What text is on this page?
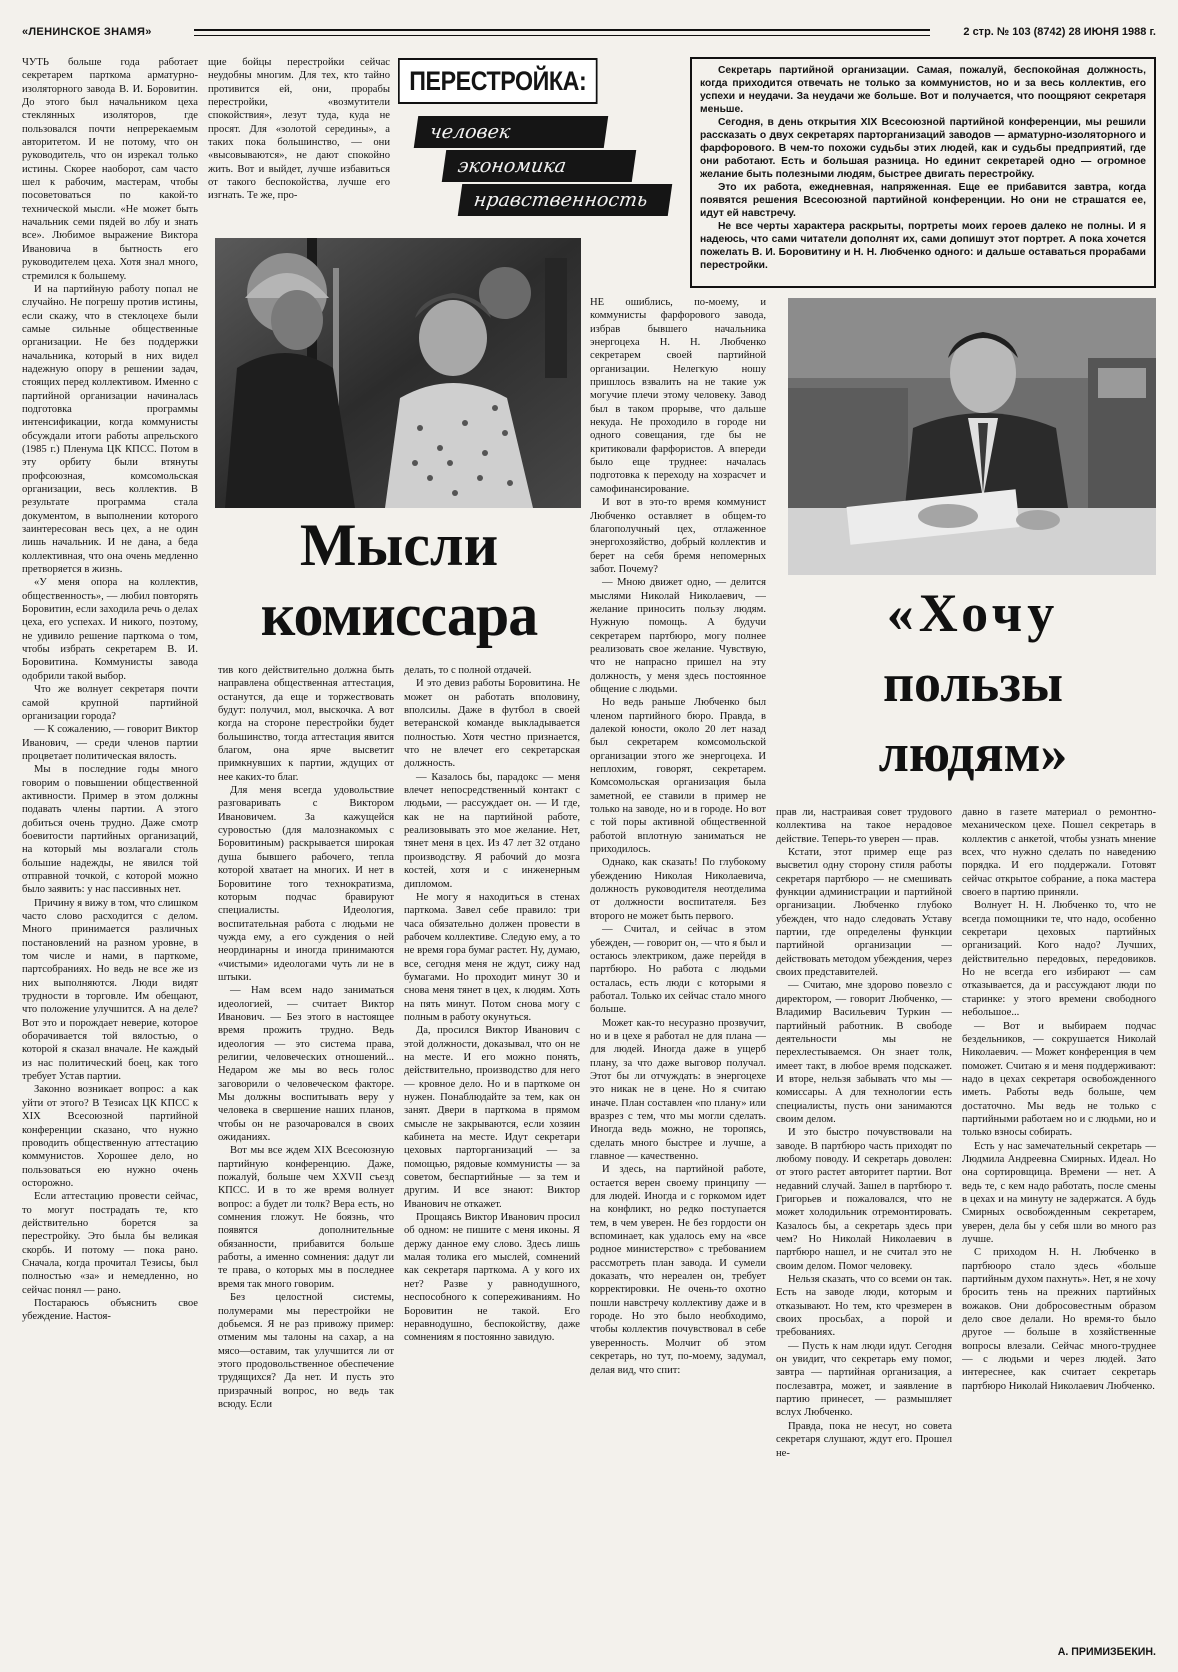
«ЛЕНИНСКОЕ ЗНАМЯ»	2 стр. № 103 (8742) 28 ИЮНЯ 1988 г.

ЧУТЬ больше года работает секретарем парткома арматурно-изоляторного завода В. И. Боровитин. До этого был начальником цеха стеклянных изоляторов, где пользовался почти непререкаемым авторитетом. И не потому, что он руководитель, что он изрекал только истины. Скорее наоборот, сам часто шел к рабочим, мастерам, чтобы посоветоваться по какой-то технической мысли. «Не может быть начальник семи пядей во лбу и знать все». Любимое выражение Виктора Ивановича в бытность его руководителем цеха. Хотя знал много, стремился к большему.

И на партийную работу попал не случайно. Не погрешу против истины, если скажу, что в стеклоцехе были самые сильные общественные организации. Не без поддержки начальника, который в них видел надежную опору в решении задач, стоящих перед коллективом. Именно с партийной организации начиналась подготовка программы интенсификации, когда коммунисты обсуждали итоги работы апрельского (1985 г.) Пленума ЦК КПСС. Потом в эту орбиту были втянуты профсоюзная, комсомольская организации, весь коллектив. В результате программа стала документом, в выполнении которого заинтересован весь цех, а не один лишь начальник. И не дана, а беда коллективная, что она очень медленно претворяется в жизнь.

«У меня опора на коллектив, общественность», — любил повторять Боровитин, если заходила речь о делах цеха, его успехах. И никого, поэтому, не удивило решение парткома о том, чтобы избрать секретарем В. И. Боровитина. Коммунисты завода одобрили такой выбор.

Что же волнует секретаря почти самой крупной партийной организации города?

— К сожалению, — говорит Виктор Иванович, — среди членов партии процветает политическая вялость.

Мы в последние годы много говорим о повышении общественной активности. Пример в этом должны подавать члены партии. А этого добиться очень трудно. Даже смотр боевитости партийных организаций, на который мы возлагали столь большие надежды, не явился той отправной точкой, с которой можно было заявить: у нас пассивных нет.

Причину я вижу в том, что слишком часто слово расходится с делом. Много принимается различных постановлений на разном уровне, в том числе и нами, в парткоме, партсобраниях. Но ведь не все же из них выполняются. Люди видят трудности в торговле. Им обещают, что положение улучшится. А на деле? Вот это и порождает неверие, которое оборачивается той вялостью, о которой я сказал вначале. Не каждый из нас политический боец, как того требует Устав партии.

Законно возникает вопрос: а как уйти от этого? В Тезисах ЦК КПСС к XIX Всесоюзной партийной конференции сказано, что нужно проводить общественную аттестацию коммунистов. Хорошее дело, но пользоваться ею нужно очень осторожно.

Если аттестацию провести сейчас, то могут пострадать те, кто действительно борется за перестройку. Это была бы великая скорбь. И потому — пока рано. Сначала, когда прочитал Тезисы, был полностью «за» и немедленно, но сейчас понял — рано.

Постараюсь объяснить свое убеждение. Настоя-

щие бойцы перестройки сейчас неудобны многим. Для тех, кто тайно противится ей, они, прорабы перестройки, «возмутители спокойствия», лезут туда, куда не просят. Для «золотой середины», а таких пока большинство, — они «высовываются», не дают спокойно жить. Вот и выйдет, лучше избавиться от такого беспокойства, лучше его изгнать. Те же, про-

ПЕРЕСТРОЙКА:
человек
экономика
нравственность

Секретарь партийной организации. Самая, пожалуй, беспокойная должность, когда приходится отвечать не только за коммунистов, но и за весь коллектив, его успехи и неудачи. За неудачи же больше. Вот и получается, что поощряют секретаря меньше.

Сегодня, в день открытия XIX Всесоюзной партийной конференции, мы решили рассказать о двух секретарях парторганизаций заводов — арматурно-изоляторного и фарфорового. В чем-то похожи судьбы этих людей, как и судьбы предприятий, где они работают. Есть и большая разница. Но единит секретарей одно — огромное желание быть полезными людям, быстрее двигать перестройку.

Это их работа, ежедневная, напряженная. Еще ее прибавится завтра, когда появятся решения Всесоюзной партийной конференции. Но они не страшатся ее, идут ей навстречу.

Не все черты характера раскрыты, портреты моих героев далеко не полны. И я надеюсь, что сами читатели дополнят их, сами допишут этот портрет. А пока хочется пожелать В. И. Боровитину и Н. Н. Любченко одного: и дальше оставаться прорабами перестройки.

Мысли
комиссара

тив кого действительно должна быть направлена общественная аттестация, останутся, да еще и торжествовать будут: получил, мол, выскочка. А вот когда на стороне перестройки будет большинство, тогда аттестация явится благом, она ярче высветит примкнувших к партии, ждущих от нее каких-то благ.

Для меня всегда удовольствие разговаривать с Виктором Ивановичем. За кажущейся суровостью (для малознакомых с Боровитиным) раскрывается широкая душа бывшего рабочего, тепла которой хватает на многих. И нет в Боровитине того технократизма, которым подчас бравируют специалисты. Идеология, воспитательная работа с людьми не чужда ему, а его суждения о ней неординарны и иногда принимаются «чистыми» идеологами чуть ли не в штыки.

— Нам всем надо заниматься идеологией, — считает Виктор Иванович. — Без этого в настоящее время прожить трудно. Ведь идеология — это система права, религии, человеческих отношений... Недаром же мы во весь голос заговорили о человеческом факторе. Мы должны воспитывать веру у человека в свершение наших планов, чтобы он не разочаровался в своих ожиданиях.

Вот мы все ждем XIX Всесоюзную партийную конференцию. Даже, пожалуй, больше чем XXVII съезд КПСС. И в то же время волнует вопрос: а будет ли толк? Вера есть, но сомнения гложут. Не боязнь, что появятся дополнительные обязанности, прибавится больше работы, а именно сомнения: дадут ли те права, о которых мы в последнее время так много говорим.

Без целостной системы, полумерами мы перестройки не добьемся. Я не раз привожу пример: отменим мы талоны на сахар, а на мясо—оставим, так улучшится ли от этого продовольственное обеспечение трудящихся? Да нет. И пусть это призрачный вопрос, но ведь так всюду. Если

делать, то с полной отдачей.

И это девиз работы Боровитина. Не может он работать вполовину, вполсилы. Даже в футбол в своей ветеранской команде выкладывается полностью. Хотя честно признается, что не влечет его секретарская должность.

— Казалось бы, парадокс — меня влечет непосредственный контакт с людьми, — рассуждает он. — И где, как не на партийной работе, реализовывать это мое желание. Нет, тянет меня в цех. Из 47 лет 32 отдано производству. Я рабочий до мозга костей, хотя и с инженерным дипломом.

Не могу я находиться в стенах парткома. Завел себе правило: три часа обязательно должен провести в рабочем коллективе. Следую ему, а то не время гора бумаг растет. Ну, думаю, все, сегодня меня не ждут, сижу над бумагами. Но проходит минут 30 и снова меня тянет в цех, к людям. Хоть на пять минут. Потом снова могу с полным в работу окунуться.

Да, просился Виктор Иванович с этой должности, доказывал, что он не на месте. И его можно понять, действительно, производство для него — кровное дело. Но и в парткоме он нужен. Понаблюдайте за тем, как он занят. Двери в парткома в прямом смысле не закрываются, если хозяин кабинета на месте. Идут секретари цеховых парторганизаций — за помощью, рядовые коммунисты — за советом, беспартийные — за тем и другим. И все знают: Виктор Иванович не откажет.

Прощаясь Виктор Иванович просил об одном: не пишите с меня иконы. Я держу данное ему слово. Здесь лишь малая толика его мыслей, сомнений как секретаря парткома. А у кого их нет? Разве у равнодушного, неспособного к сопереживаниям. Но Боровитин не такой. Его неравнодушно, беспокойству, даже сомнениям я постоянно завидую.

НЕ ошиблись, по-моему, и коммунисты фарфорового завода, избрав бывшего начальника энергоцеха Н. Н. Любченко секретарем своей партийной организации. Нелегкую ношу пришлось взвалить на не такие уж могучие плечи этому человеку. Завод был в таком прорыве, что дальше некуда. Не проходило в городе ни одного совещания, где бы не критиковали фарфористов. А впереди было еще труднее: началась подготовка к переходу на хозрасчет и самофинансирование.

И вот в это-то время коммунист Любченко оставляет в общем-то благополучный цех, отлаженное энергохозяйство, добрый коллектив и берет на себя бремя непомерных забот. Почему?

— Мною движет одно, — делится мыслями Николай Николаевич, — желание приносить пользу людям. Нужную помощь. А будучи секретарем партбюро, могу полнее реализовать свое желание. Чувствую, что не напрасно пришел на эту должность, у меня здесь постоянное общение с людьми.

Но ведь раньше Любченко был членом партийного бюро. Правда, в далекой юности, около 20 лет назад был секретарем комсомольской организации этого же энергоцеха. И неплохим, говорят, секретарем. Комсомольская организация была заметной, ее ставили в пример не только на заводе, но и в городе. Но вот с той поры активной общественной работой вплотную заниматься не приходилось.

Однако, как сказать! По глубокому убеждению Николая Николаевича, должность руководителя неотделима от должности воспитателя. Без второго не может быть первого.

— Считал, и сейчас в этом убежден, — говорит он, — что я был и остаюсь электриком, даже перейдя в партбюро. Но работа с людьми осталась, есть люди с которыми я работал. Только их сейчас стало много больше.

Может как-то несуразно прозвучит, но и в цехе я работал не для плана — для людей. Иногда даже в ущерб плану, за что даже выговор получал. Этот бы ли отчуждать: в энергоцехе это никак не в цене. Но я считаю иначе. План составлен «по плану» или вразрез с тем, что мы могли сделать. Иногда ведь можно, не торопясь, сделать много быстрее и лучше, а главное — качественно.

И здесь, на партийной работе, остается верен своему принципу — для людей. Иногда и с горкомом идет на конфликт, но редко поступается тем, в чем уверен. Не без гордости он вспоминает, как удалось ему на «все родное министерство» с требованием рассмотреть план завода. И сумели доказать, что нереален он, требует корректировки. Не очень-то охотно пошли навстречу коллективу даже и в городе. Но это было необходимо, чтобы коллектив почувствовал в себе уверенность. Молчит об этом секретарь, но тут, по-моему, задумал, делая вид, что спит:

«Хочу
пользы
людям»

прав ли, настраивая совет трудового коллектива на такое нерадовое действие. Теперь-то уверен — прав.

Кстати, этот пример еще раз высветил одну сторону стиля работы секретаря партбюро — не смешивать функции администрации и партийной организации. Любченко глубоко убежден, что надо следовать Уставу партии, где определены функции партийной организации — действовать методом убеждения, через своих представителей.

— Считаю, мне здорово повезло с директором, — говорит Любченко, — Владимир Васильевич Туркин — партийный работник. В свободе деятельности мы не перехлестываемся. Он знает толк, имеет такт, в любое время подскажет. И вторе, нельзя забывать что мы — комиссары. А для технологии есть специалисты, пусть они занимаются своим делом.

И это быстро почувствовали на заводе. В партбюро часть приходят по любому поводу. И секретарь доволен: от этого растет авторитет партии. Вот недавний случай. Зашел в партбюро т. Григорьев и пожаловался, что не может холодильник отремонтировать. Казалось бы, а секретарь здесь при чем? Но Николай Николаевич в партбюро нашел, и не считал это не своим делом. Помог человеку.

Нельзя сказать, что со всеми он так. Есть на заводе люди, которым и отказывают. Но тем, кто чрезмерен в своих просьбах, а порой и требованиях.

— Пусть к нам люди идут. Сегодня он увидит, что секретарь ему помог, завтра — партийная организация, а послезавтра, может, и заявление в партию принесет, — размышляет вслух Любченко.

Правда, пока не несут, но совета секретаря слушают, ждут его. Прошел не-

давно в газете материал о ремонтно-механическом цехе. Пошел секретарь в коллектив с анкетой, чтобы узнать мнение всех, что нужно сделать по наведению порядка. И его поддержали. Готовят сейчас открытое собрание, а пока мастера своего в партию приняли.

Волнует Н. Н. Любченко то, что не всегда помощники те, что надо, особенно секретари цеховых партийных организаций. Кого надо? Лучших, действительно передовых, передовиков. Но не всегда его избирают — сам отказывается, да и рассуждают люди по старинке: у этого времени свободного небольшое...

— Вот и выбираем подчас бездельников, — сокрушается Николай Николаевич. — Может конференция в чем поможет. Считаю я и меня поддерживают: надо в цехах секретаря освобожденного иметь. Работы ведь больше, чем достаточно. Мы ведь не только с партийными работаем но и с людьми, но и только взносы собирать.

Есть у нас замечательный секретарь — Людмила Андреевна Смирных. Идеал. Но она сортировщица. Времени — нет. А ведь те, с кем надо работать, после смены в цехах и на минуту не задержатся. А будь Смирных освобожденным секретарем, уверен, дела бы у себя шли во много раз лучше.

С приходом Н. Н. Любченко в партбюоро стало здесь «больше партийным духом пахнуть». Нет, я не хочу бросить тень на прежних партийных вожаков. Они добросовестным образом дело свое делали. Но время-то было другое — больше в хозяйственные вопросы влезали. Сейчас много-труднее — с людьми и через людей. Зато интереснее, как считает секретарь партбюро Николай Николаевич Любченко.

А. ПРИМИЗБЕКИН.
